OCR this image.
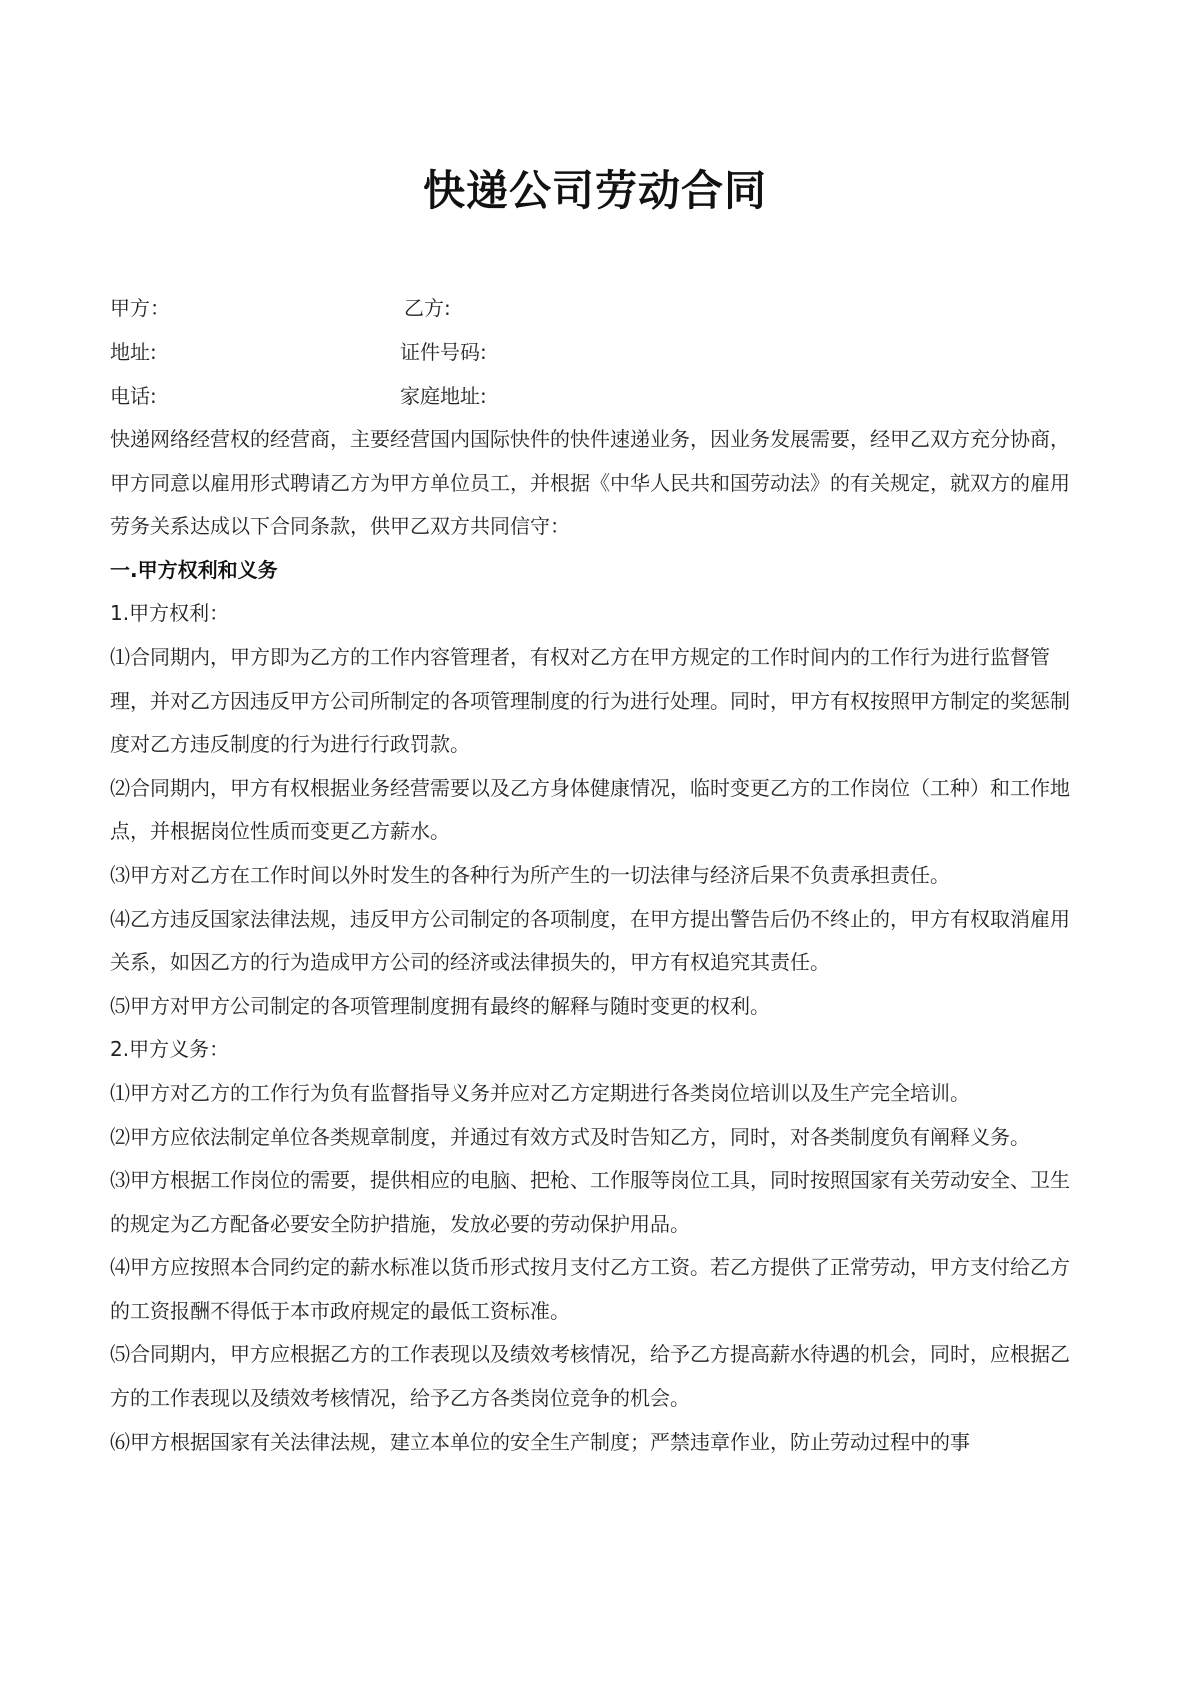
快递公司劳动合同
甲方：	乙方:
地址:	证件号码:
电话:	家庭地址:

快递网络经营权的经营商，主要经营国内国际快件的快件速递业务，因业务发展需要，经甲乙双方充分协商，甲方同意以雇用形式聘请乙方为甲方单位员工，并根据《中华人民共和国劳动法》的有关规定，就双方的雇用劳务关系达成以下合同条款，供甲乙双方共同信守：

一.甲方权利和义务

1.甲方权利：

⑴合同期内，甲方即为乙方的工作内容管理者，有权对乙方在甲方规定的工作时间内的工作行为进行监督管理，并对乙方因违反甲方公司所制定的各项管理制度的行为进行处理。同时，甲方有权按照甲方制定的奖惩制度对乙方违反制度的行为进行行政罚款。

⑵合同期内，甲方有权根据业务经营需要以及乙方身体健康情况，临时变更乙方的工作岗位（工种）和工作地点，并根据岗位性质而变更乙方薪水。

⑶甲方对乙方在工作时间以外时发生的各种行为所产生的一切法律与经济后果不负责承担责任。

⑷乙方违反国家法律法规，违反甲方公司制定的各项制度，在甲方提出警告后仍不终止的，甲方有权取消雇用关系，如因乙方的行为造成甲方公司的经济或法律损失的，甲方有权追究其责任。

⑸甲方对甲方公司制定的各项管理制度拥有最终的解释与随时变更的权利。

2.甲方义务：

⑴甲方对乙方的工作行为负有监督指导义务并应对乙方定期进行各类岗位培训以及生产完全培训。

⑵甲方应依法制定单位各类规章制度，并通过有效方式及时告知乙方，同时，对各类制度负有阐释义务。

⑶甲方根据工作岗位的需要，提供相应的电脑、把枪、工作服等岗位工具，同时按照国家有关劳动安全、卫生的规定为乙方配备必要安全防护措施，发放必要的劳动保护用品。

⑷甲方应按照本合同约定的薪水标准以货币形式按月支付乙方工资。若乙方提供了正常劳动，甲方支付给乙方的工资报酬不得低于本市政府规定的最低工资标准。

⑸合同期内，甲方应根据乙方的工作表现以及绩效考核情况，给予乙方提高薪水待遇的机会，同时，应根据乙方的工作表现以及绩效考核情况，给予乙方各类岗位竞争的机会。

⑹甲方根据国家有关法律法规，建立本单位的安全生产制度；严禁违章作业，防止劳动过程中的事
